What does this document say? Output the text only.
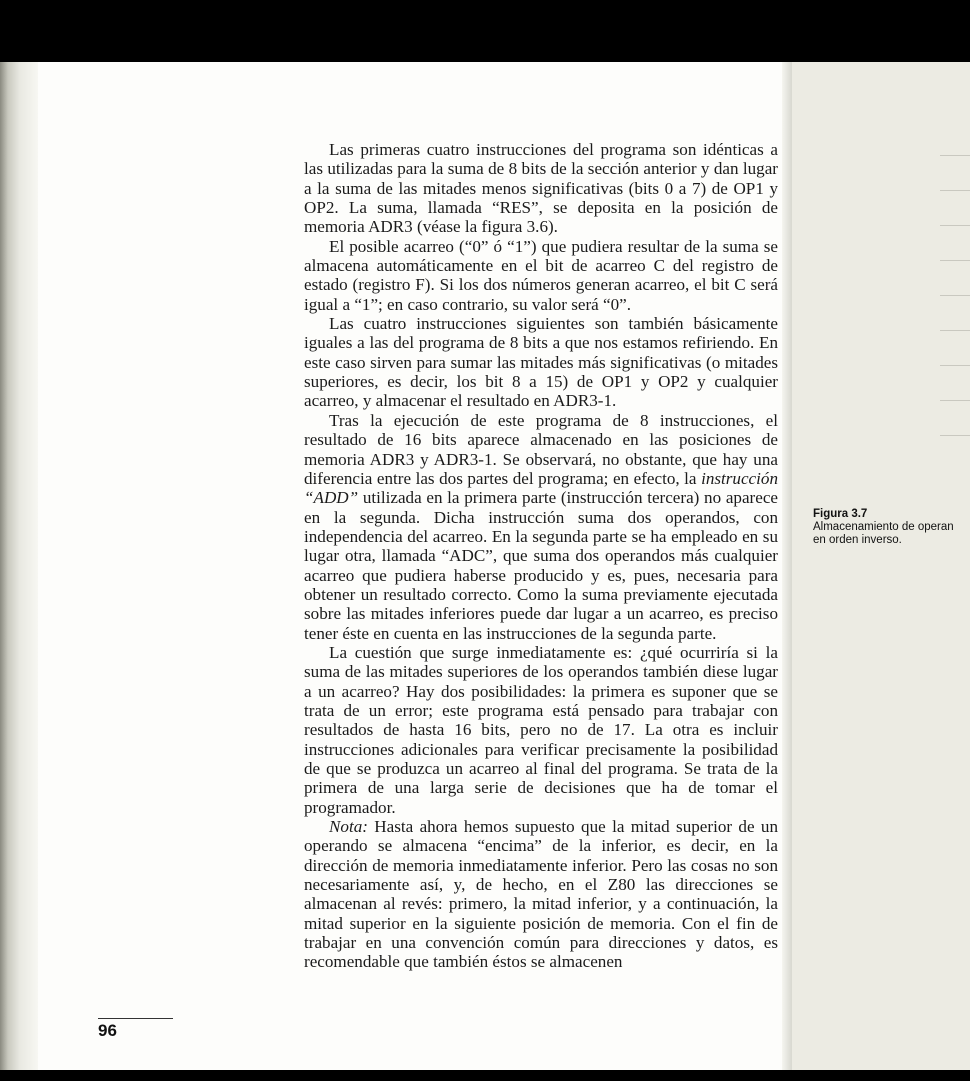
Las primeras cuatro instrucciones del programa son idénticas a las utilizadas para la suma de 8 bits de la sección anterior y dan lugar a la suma de las mitades menos significativas (bits 0 a 7) de OP1 y OP2. La suma, llamada “RES”, se deposita en la posición de memoria ADR3 (véase la figura 3.6).

El posible acarreo (“0” ó “1”) que pudiera resultar de la suma se almacena automáticamente en el bit de acarreo C del registro de estado (registro F). Si los dos números generan acarreo, el bit C será igual a “1”; en caso contrario, su valor será “0”.

Las cuatro instrucciones siguientes son también básicamente iguales a las del programa de 8 bits a que nos estamos refiriendo. En este caso sirven para sumar las mitades más significativas (o mitades superiores, es decir, los bit 8 a 15) de OP1 y OP2 y cualquier acarreo, y almacenar el resultado en ADR3-1.

Tras la ejecución de este programa de 8 instrucciones, el resultado de 16 bits aparece almacenado en las posiciones de memoria ADR3 y ADR3-1. Se observará, no obstante, que hay una diferencia entre las dos partes del programa; en efecto, la instrucción “ADD” utilizada en la primera parte (instrucción tercera) no aparece en la segunda. Dicha instrucción suma dos operandos, con independencia del acarreo. En la segunda parte se ha empleado en su lugar otra, llamada “ADC”, que suma dos operandos más cualquier acarreo que pudiera haberse producido y es, pues, necesaria para obtener un resultado correcto. Como la suma previamente ejecutada sobre las mitades inferiores puede dar lugar a un acarreo, es preciso tener éste en cuenta en las instrucciones de la segunda parte.

La cuestión que surge inmediatamente es: ¿qué ocurriría si la suma de las mitades superiores de los operandos también diese lugar a un acarreo? Hay dos posibilidades: la primera es suponer que se trata de un error; este programa está pensado para trabajar con resultados de hasta 16 bits, pero no de 17. La otra es incluir instrucciones adicionales para verificar precisamente la posibilidad de que se produzca un acarreo al final del programa. Se trata de la primera de una larga serie de decisiones que ha de tomar el programador.

Nota: Hasta ahora hemos supuesto que la mitad superior de un operando se almacena “encima” de la inferior, es decir, en la dirección de memoria inmediatamente inferior. Pero las cosas no son necesariamente así, y, de hecho, en el Z80 las direcciones se almacenan al revés: primero, la mitad inferior, y a continuación, la mitad superior en la siguiente posición de memoria. Con el fin de trabajar en una convención común para direcciones y datos, es recomendable que también éstos se almacenen

Figura 3.7
Almacenamiento de operan
en orden inverso.
96
